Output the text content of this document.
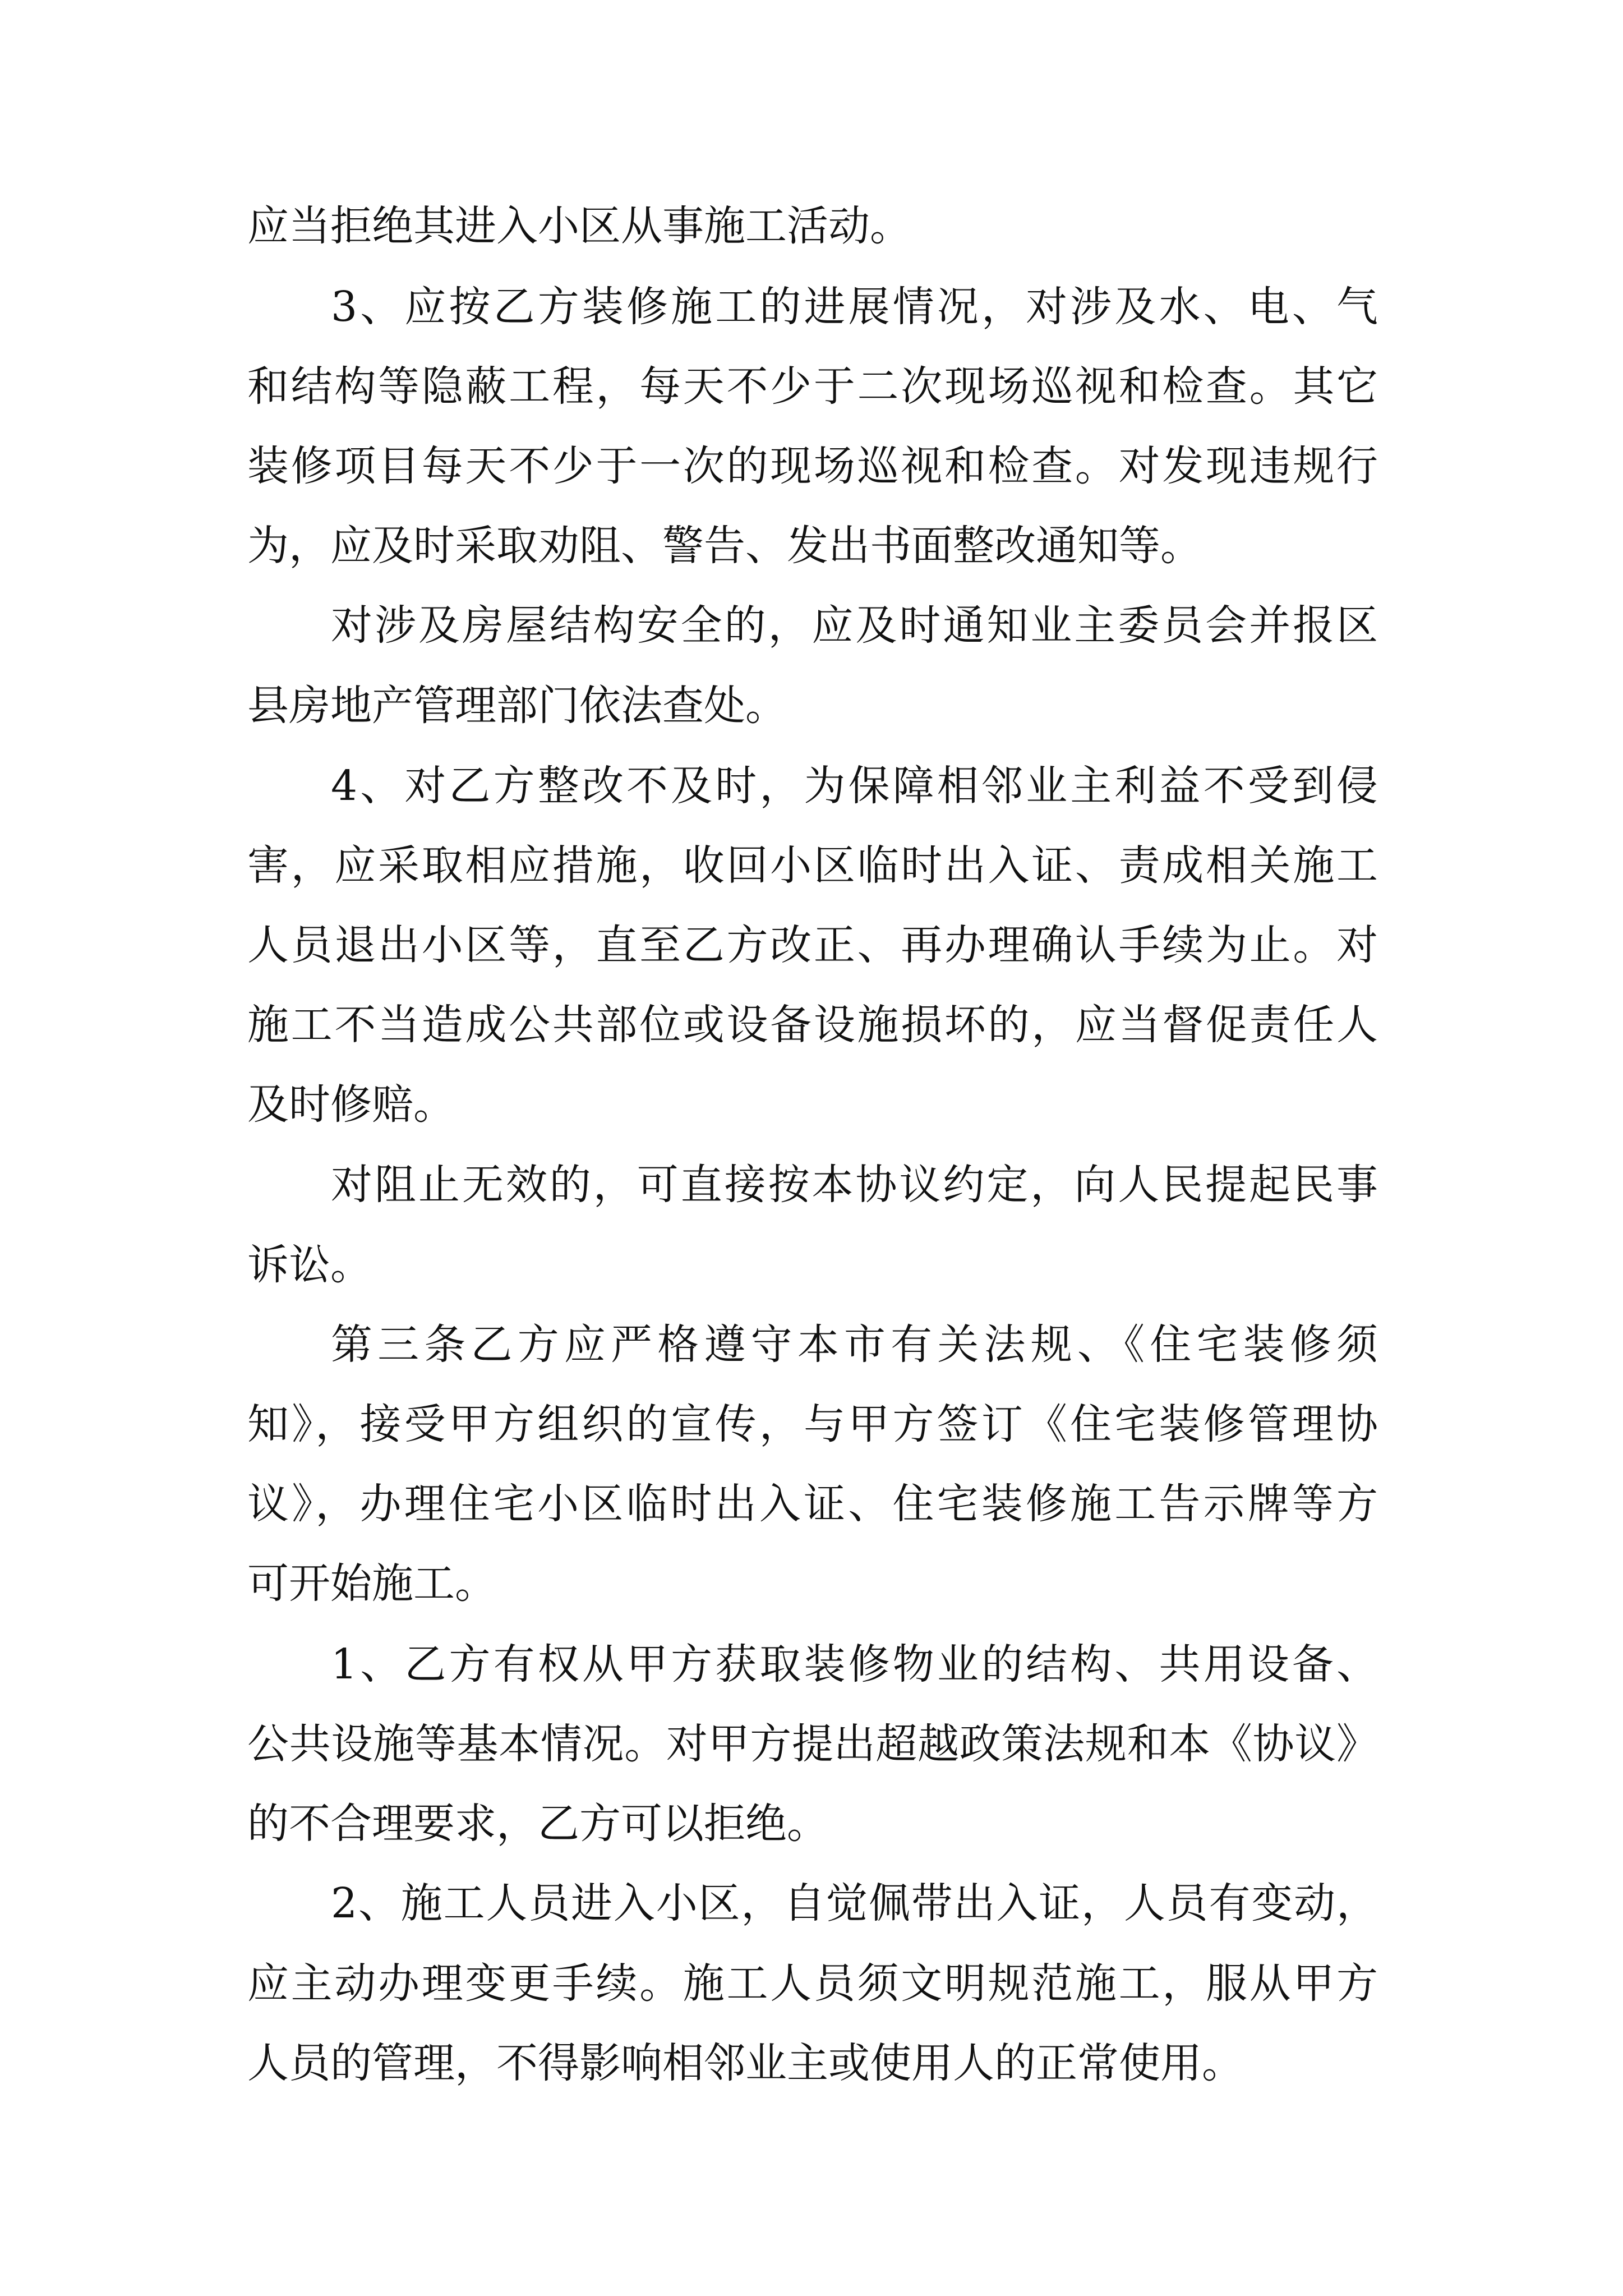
应当拒绝其进入小区从事施工活动。
3、应按乙方装修施工的进展情况，对涉及水、电、气
和结构等隐蔽工程，每天不少于二次现场巡视和检查。其它
装修项目每天不少于一次的现场巡视和检查。对发现违规行
为，应及时采取劝阻、警告、发出书面整改通知等。
对涉及房屋结构安全的，应及时通知业主委员会并报区
县房地产管理部门依法查处。
4、对乙方整改不及时，为保障相邻业主利益不受到侵
害，应采取相应措施，收回小区临时出入证、责成相关施工
人员退出小区等，直至乙方改正、再办理确认手续为止。对
施工不当造成公共部位或设备设施损坏的，应当督促责任人
及时修赔。
对阻止无效的，可直接按本协议约定，向人民提起民事
诉讼。
第三条乙方应严格遵守本市有关法规、《住宅装修须
知》，接受甲方组织的宣传，与甲方签订《住宅装修管理协
议》，办理住宅小区临时出入证、住宅装修施工告示牌等方
可开始施工。
1、乙方有权从甲方获取装修物业的结构、共用设备、
公共设施等基本情况。对甲方提出超越政策法规和本《协议》
的不合理要求，乙方可以拒绝。
2、施工人员进入小区，自觉佩带出入证，人员有变动，
应主动办理变更手续。施工人员须文明规范施工，服从甲方
人员的管理，不得影响相邻业主或使用人的正常使用。
